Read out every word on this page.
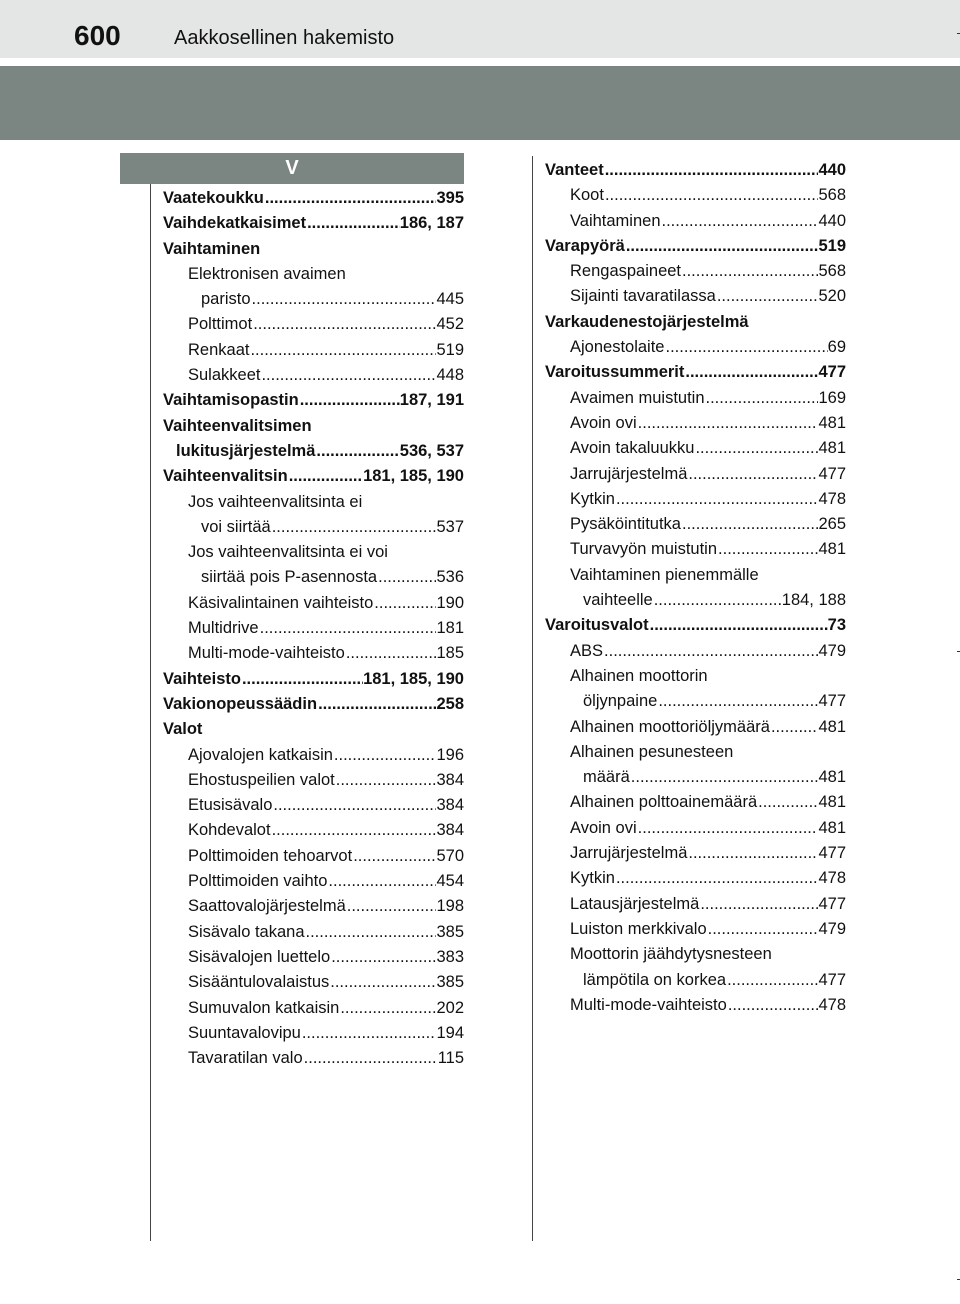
600	Aakkosellinen hakemisto
V
Vaatekoukku .....	395
Vaihdekatkaisimet .....	186, 187
Vaihtaminen
Elektronisen avaimen
paristo .....	445
Polttimot .....	452
Renkaat .....	519
Sulakkeet .....	448
Vaihtamisopastin .....	187, 191
Vaihteenvalitsimen
lukitusjärjestelmä .....	536, 537
Vaihteenvalitsin .....	181, 185, 190
Jos vaihteenvalitsinta ei
voi siirtää .....	537
Jos vaihteenvalitsinta ei voi
siirtää pois P-asennosta .....	536
Käsivalintainen vaihteisto .....	190
Multidrive .....	181
Multi-mode-vaihteisto .....	185
Vaihteisto .....	181, 185, 190
Vakionopeussäädin .....	258
Valot
Ajovalojen katkaisin .....	196
Ehostuspeilien valot .....	384
Etusisävalo .....	384
Kohdevalot .....	384
Polttimoiden tehoarvot .....	570
Polttimoiden vaihto .....	454
Saattovalojärjestelmä .....	198
Sisävalo takana .....	385
Sisävalojen luettelo .....	383
Sisääntulovalaistus .....	385
Sumuvalon katkaisin .....	202
Suuntavalovipu .....	194
Tavaratilan valo .....	115
Vanteet .....	440
Koot .....	568
Vaihtaminen .....	440
Varapyörä .....	519
Rengaspaineet .....	568
Sijainti tavaratilassa .....	520
Varkaudenestojärjestelmä
Ajonestolaite .....	69
Varoitussummerit .....	477
Avaimen muistutin .....	169
Avoin ovi .....	481
Avoin takaluukku .....	481
Jarrujärjestelmä .....	477
Kytkin .....	478
Pysäköintitutka .....	265
Turvavyön muistutin .....	481
Vaihtaminen pienemmälle
vaihteelle .....	184, 188
Varoitusvalot .....	73
ABS .....	479
Alhainen moottorin
öljynpaine .....	477
Alhainen moottoriöljymäärä .....	481
Alhainen pesunesteen
määrä .....	481
Alhainen polttoainemäärä .....	481
Avoin ovi .....	481
Jarrujärjestelmä .....	477
Kytkin .....	478
Latausjärjestelmä .....	477
Luiston merkkivalo .....	479
Moottorin jäähdytysnesteen
lämpötila on korkea .....	477
Multi-mode-vaihteisto .....	478
